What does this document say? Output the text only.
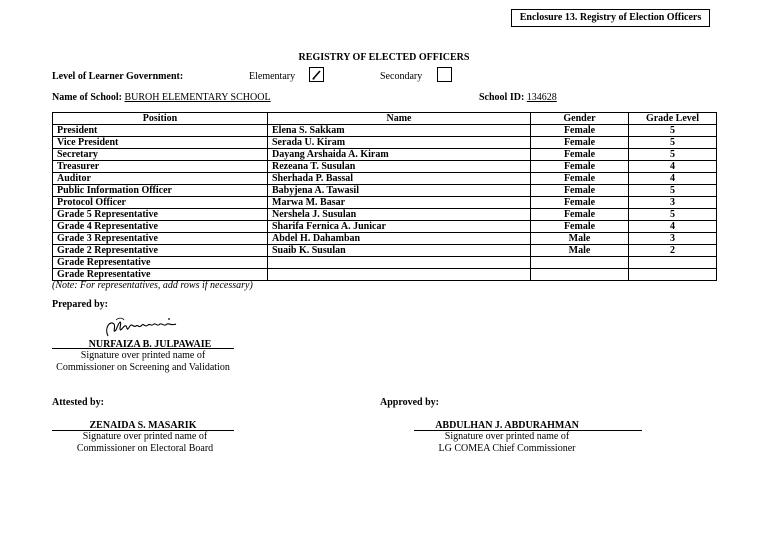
Enclosure 13. Registry of Election Officers
REGISTRY OF ELECTED OFFICERS
Level of Learner Government:	Elementary	Secondary
Name of School: BUROH ELEMENTARY SCHOOL	School ID: 134628
Position	Name	Gender	Grade Level
President	Elena S. Sakkam	Female	5
Vice President	Serada U. Kiram	Female	5
Secretary	Dayang Arshaida A. Kiram	Female	5
Treasurer	Rezeana T. Susulan	Female	4
Auditor	Sherhada P. Bassal	Female	4
Public Information Officer	Babyjena A. Tawasil	Female	5
Protocol Officer	Marwa M. Basar	Female	3
Grade 5 Representative	Nershela J. Susulan	Female	5
Grade 4 Representative	Sharifa Fernica A. Junicar	Female	4
Grade 3 Representative	Abdel H. Dahamban	Male	3
Grade 2 Representative	Suaib K. Susulan	Male	2
Grade Representative			
Grade Representative			
(Note: For representatives, add rows if necessary)
Prepared by:
NURFAIZA B. JULPAWAIE
Signature over printed name of
Commissioner on Screening and Validation
Attested by:
ZENAIDA S. MASARIK
Signature over printed name of
Commissioner on Electoral Board
Approved by:
ABDULHAN J. ABDURAHMAN
Signature over printed name of
LG COMEA Chief Commissioner
